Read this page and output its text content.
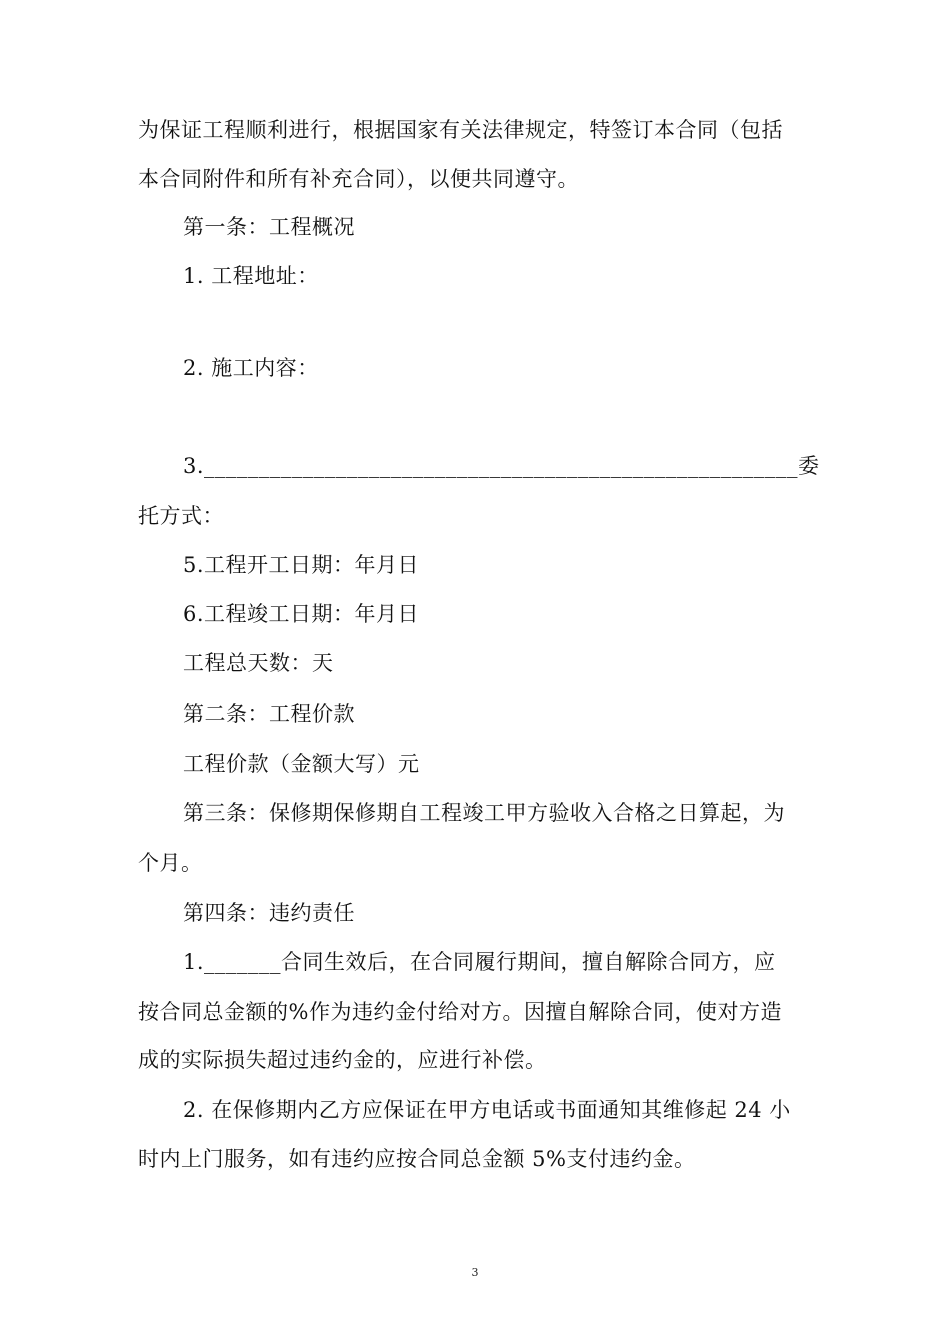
为保证工程顺利进行，根据国家有关法律规定，特签订本合同（包括
本合同附件和所有补充合同），以便共同遵守。
第一条：工程概况
1. 工程地址：
2. 施工内容：
3.______________________________________________________委
托方式：
5.工程开工日期：年月日
6.工程竣工日期：年月日
工程总天数：天
第二条：工程价款
工程价款（金额大写）元
第三条：保修期保修期自工程竣工甲方验收入合格之日算起，为
个月。
第四条：违约责任
1._______合同生效后，在合同履行期间，擅自解除合同方，应
按合同总金额的%作为违约金付给对方。因擅自解除合同，使对方造
成的实际损失超过违约金的，应进行补偿。
2. 在保修期内乙方应保证在甲方电话或书面通知其维修起 24 小
时内上门服务，如有违约应按合同总金额 5%支付违约金。
3
